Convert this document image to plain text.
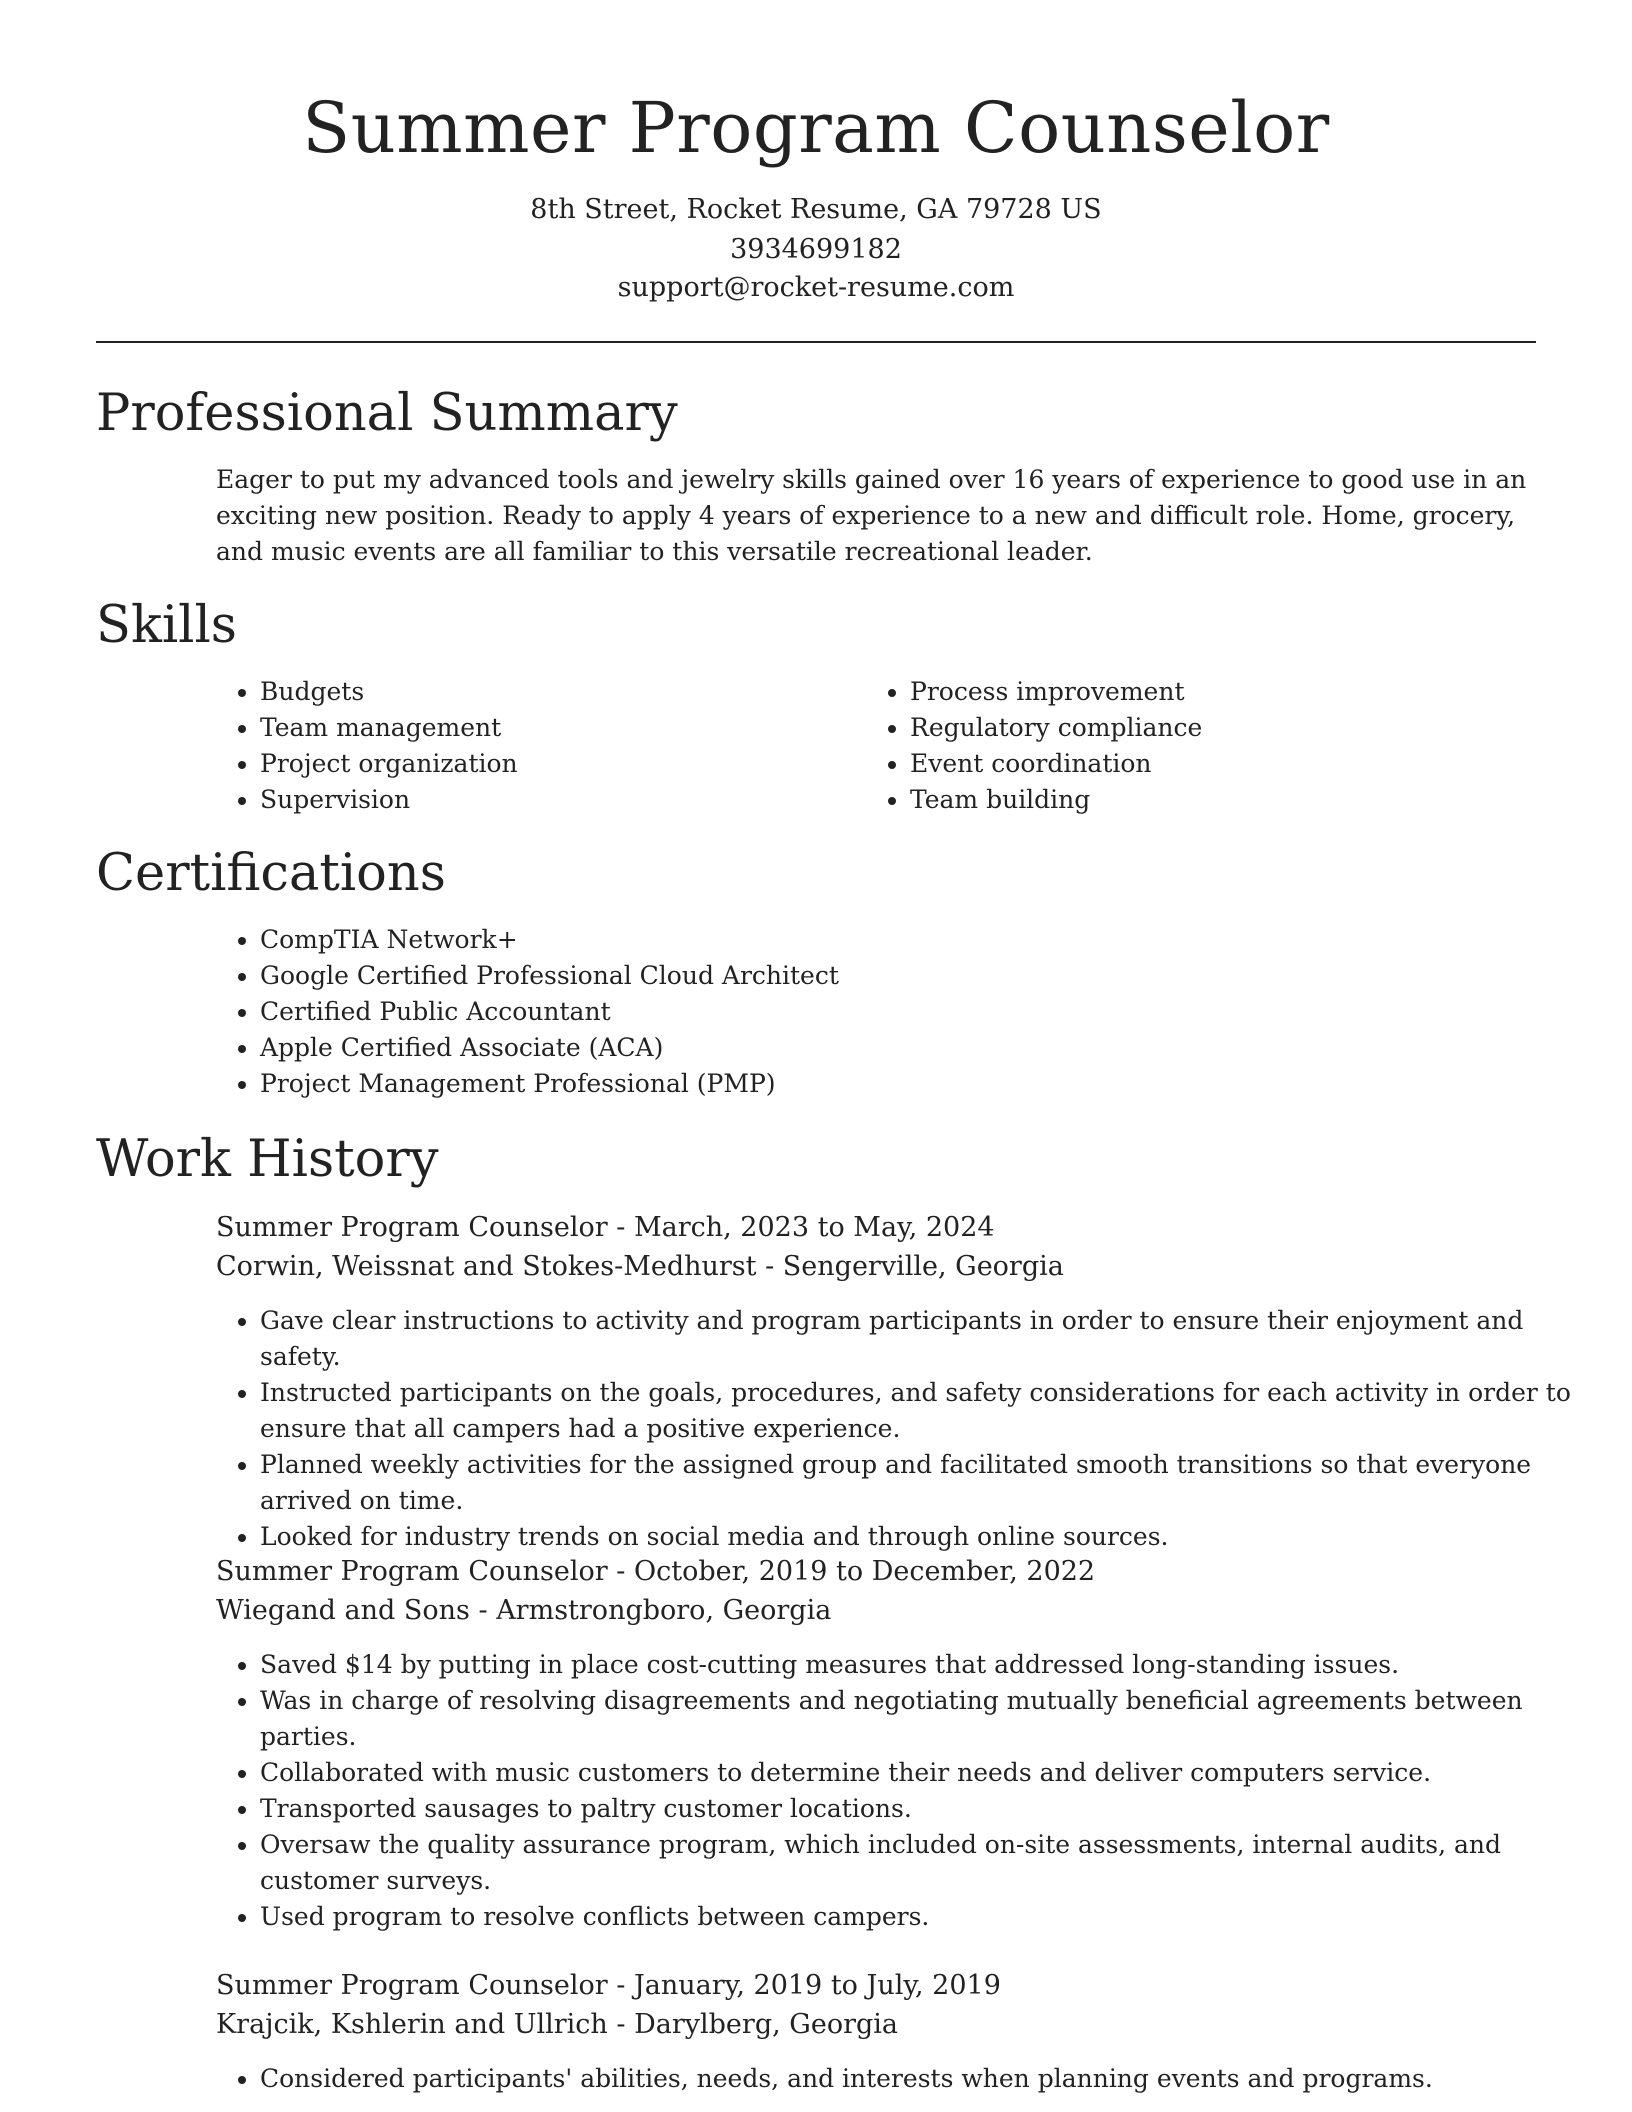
Summer Program Counselor
8th Street, Rocket Resume, GA 79728 US
3934699182
support@rocket-resume.com
Professional Summary

Eager to put my advanced tools and jewelry skills gained over 16 years of experience to good use in an exciting new position. Ready to apply 4 years of experience to a new and difficult role. Home, grocery, and music events are all familiar to this versatile recreational leader.

Skills
• Budgets
• Team management
• Project organization
• Supervision
• Process improvement
• Regulatory compliance
• Event coordination
• Team building
Certifications
• CompTIA Network+
• Google Certified Professional Cloud Architect
• Certified Public Accountant
• Apple Certified Associate (ACA)
• Project Management Professional (PMP)
Work History
Summer Program Counselor - March, 2023 to May, 2024
Corwin, Weissnat and Stokes-Medhurst - Sengerville, Georgia
• Gave clear instructions to activity and program participants in order to ensure their enjoyment and safety.
• Instructed participants on the goals, procedures, and safety considerations for each activity in order to ensure that all campers had a positive experience.
• Planned weekly activities for the assigned group and facilitated smooth transitions so that everyone arrived on time.
• Looked for industry trends on social media and through online sources.
Summer Program Counselor - October, 2019 to December, 2022
Wiegand and Sons - Armstrongboro, Georgia
• Saved $14 by putting in place cost-cutting measures that addressed long-standing issues.
• Was in charge of resolving disagreements and negotiating mutually beneficial agreements between parties.
• Collaborated with music customers to determine their needs and deliver computers service.
• Transported sausages to paltry customer locations.
• Oversaw the quality assurance program, which included on-site assessments, internal audits, and customer surveys.
• Used program to resolve conflicts between campers.
Summer Program Counselor - January, 2019 to July, 2019
Krajcik, Kshlerin and Ullrich - Darylberg, Georgia
• Considered participants' abilities, needs, and interests when planning events and programs.
